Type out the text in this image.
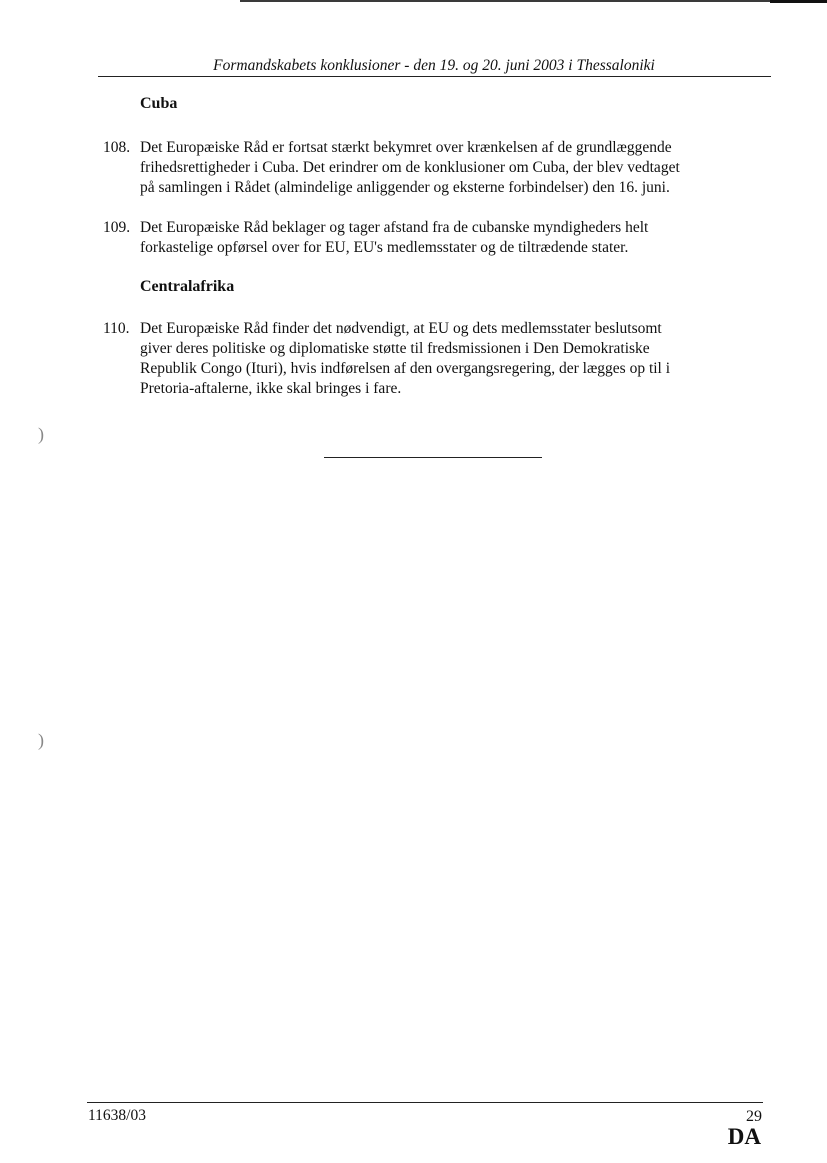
Formandskabets konklusioner - den 19. og 20. juni 2003 i Thessaloniki
Cuba
108. Det Europæiske Råd er fortsat stærkt bekymret over krænkelsen af de grundlæggende
frihedsrettigheder i Cuba. Det erindrer om de konklusioner om Cuba, der blev vedtaget
på samlingen i Rådet (almindelige anliggender og eksterne forbindelser) den 16. juni.
109. Det Europæiske Råd beklager og tager afstand fra de cubanske myndigheders helt
forkastelige opførsel over for EU, EU's medlemsstater og de tiltrædende stater.
Centralafrika
110. Det Europæiske Råd finder det nødvendigt, at EU og dets medlemsstater beslutsomt
giver deres politiske og diplomatiske støtte til fredsmissionen i Den Demokratiske
Republik Congo (Ituri), hvis indførelsen af den overgangsregering, der lægges op til i
Pretoria-aftalerne, ikke skal bringes i fare.
)
)
11638/03	29
DA
